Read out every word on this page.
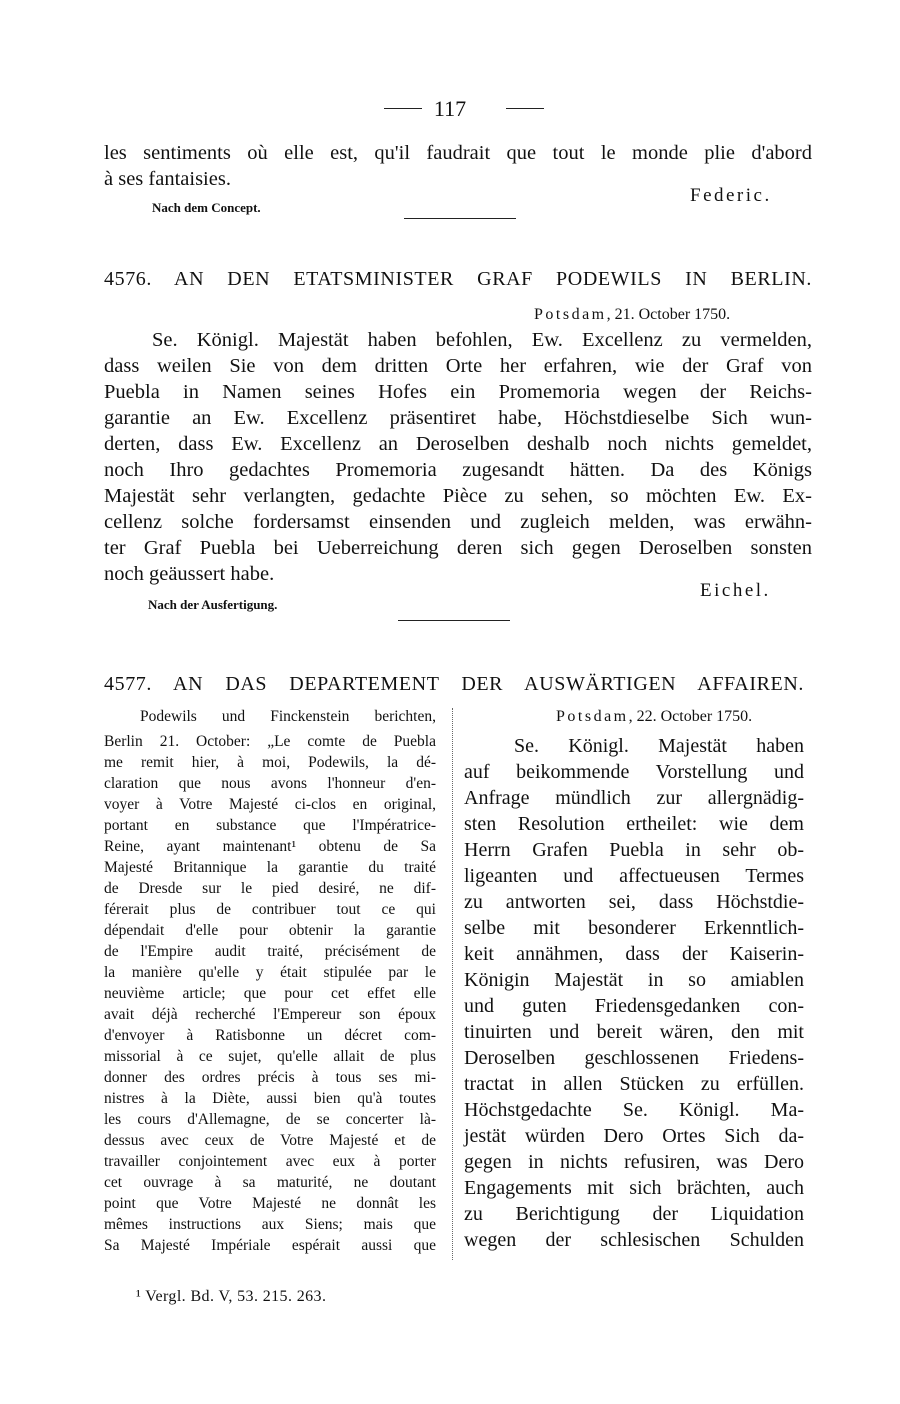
117
les sentiments où elle est, qu'il faudrait que tout le monde plie d'abord
à ses fantaisies.
Federic.
Nach dem Concept.
4576. AN DEN ETATSMINISTER GRAF PODEWILS IN BERLIN.
Potsdam, 21. October 1750.
Se. Königl. Majestät haben befohlen, Ew. Excellenz zu vermelden,
dass weilen Sie von dem dritten Orte her erfahren, wie der Graf von
Puebla in Namen seines Hofes ein Promemoria wegen der Reichs-
garantie an Ew. Excellenz präsentiret habe, Höchstdieselbe Sich wun-
derten, dass Ew. Excellenz an Deroselben deshalb noch nichts gemeldet,
noch Ihro gedachtes Promemoria zugesandt hätten. Da des Königs
Majestät sehr verlangten, gedachte Pièce zu sehen, so möchten Ew. Ex-
cellenz solche fordersamst einsenden und zugleich melden, was erwähn-
ter Graf Puebla bei Ueberreichung deren sich gegen Deroselben sonsten
noch geäussert habe.
Eichel.
Nach der Ausfertigung.
4577. AN DAS DEPARTEMENT DER AUSWÄRTIGEN AFFAIREN.
Podewils und Finckenstein berichten,
Berlin 21. October: „Le comte de Puebla
me remit hier, à moi, Podewils, la dé-
claration que nous avons l'honneur d'en-
voyer à Votre Majesté ci-clos en original,
portant en substance que l'Impératrice-
Reine, ayant maintenant¹ obtenu de Sa
Majesté Britannique la garantie du traité
de Dresde sur le pied desiré, ne dif-
férerait plus de contribuer tout ce qui
dépendait d'elle pour obtenir la garantie
de l'Empire audit traité, précisément de
la manière qu'elle y était stipulée par le
neuvième article; que pour cet effet elle
avait déjà recherché l'Empereur son époux
d'envoyer à Ratisbonne un décret com-
missorial à ce sujet, qu'elle allait de plus
donner des ordres précis à tous ses mi-
nistres à la Diète, aussi bien qu'à toutes
les cours d'Allemagne, de se concerter là-
dessus avec ceux de Votre Majesté et de
travailler conjointement avec eux à porter
cet ouvrage à sa maturité, ne doutant
point que Votre Majesté ne donnât les
mêmes instructions aux Siens; mais que
Sa Majesté Impériale espérait aussi que
Potsdam, 22. October 1750.
Se. Königl. Majestät haben
auf beikommende Vorstellung und
Anfrage mündlich zur allergnädig-
sten Resolution ertheilet: wie dem
Herrn Grafen Puebla in sehr ob-
ligeanten und affectueusen Termes
zu antworten sei, dass Höchstdie-
selbe mit besonderer Erkenntlich-
keit annähmen, dass der Kaiserin-
Königin Majestät in so amiablen
und guten Friedensgedanken con-
tinuirten und bereit wären, den mit
Deroselben geschlossenen Friedens-
tractat in allen Stücken zu erfüllen.
Höchstgedachte Se. Königl. Ma-
jestät würden Dero Ortes Sich da-
gegen in nichts refusiren, was Dero
Engagements mit sich brächten, auch
zu Berichtigung der Liquidation
wegen der schlesischen Schulden
¹ Vergl. Bd. V, 53. 215. 263.
